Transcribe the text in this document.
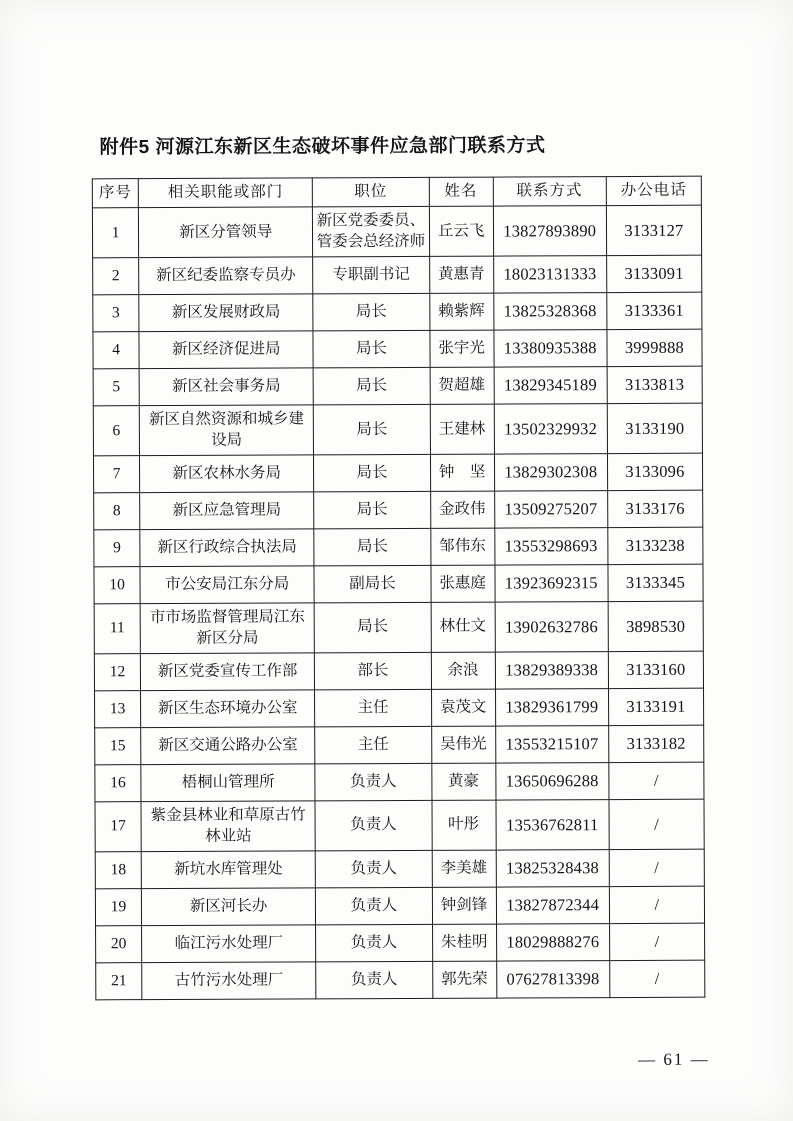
附件5 河源江东新区生态破坏事件应急部门联系方式
序号	相关职能或部门	职位	姓名	联系方式	办公电话
1	新区分管领导	新区党委委员、管委会总经济师	丘云飞	13827893890	3133127
2	新区纪委监察专员办	专职副书记	黄惠青	18023131333	3133091
3	新区发展财政局	局长	赖紫辉	13825328368	3133361
4	新区经济促进局	局长	张宇光	13380935388	3999888
5	新区社会事务局	局长	贺超雄	13829345189	3133813
6	新区自然资源和城乡建设局	局长	王建林	13502329932	3133190
7	新区农林水务局	局长	钟　坚	13829302308	3133096
8	新区应急管理局	局长	金政伟	13509275207	3133176
9	新区行政综合执法局	局长	邹伟东	13553298693	3133238
10	市公安局江东分局	副局长	张惠庭	13923692315	3133345
11	市市场监督管理局江东新区分局	局长	林仕文	13902632786	3898530
12	新区党委宣传工作部	部长	余浪	13829389338	3133160
13	新区生态环境办公室	主任	袁茂文	13829361799	3133191
15	新区交通公路办公室	主任	吴伟光	13553215107	3133182
16	梧桐山管理所	负责人	黄豪	13650696288	/
17	紫金县林业和草原古竹林业站	负责人	叶彤	13536762811	/
18	新坑水库管理处	负责人	李美雄	13825328438	/
19	新区河长办	负责人	钟剑锋	13827872344	/
20	临江污水处理厂	负责人	朱桂明	18029888276	/
21	古竹污水处理厂	负责人	郭先荣	07627813398	/
— 61 —
